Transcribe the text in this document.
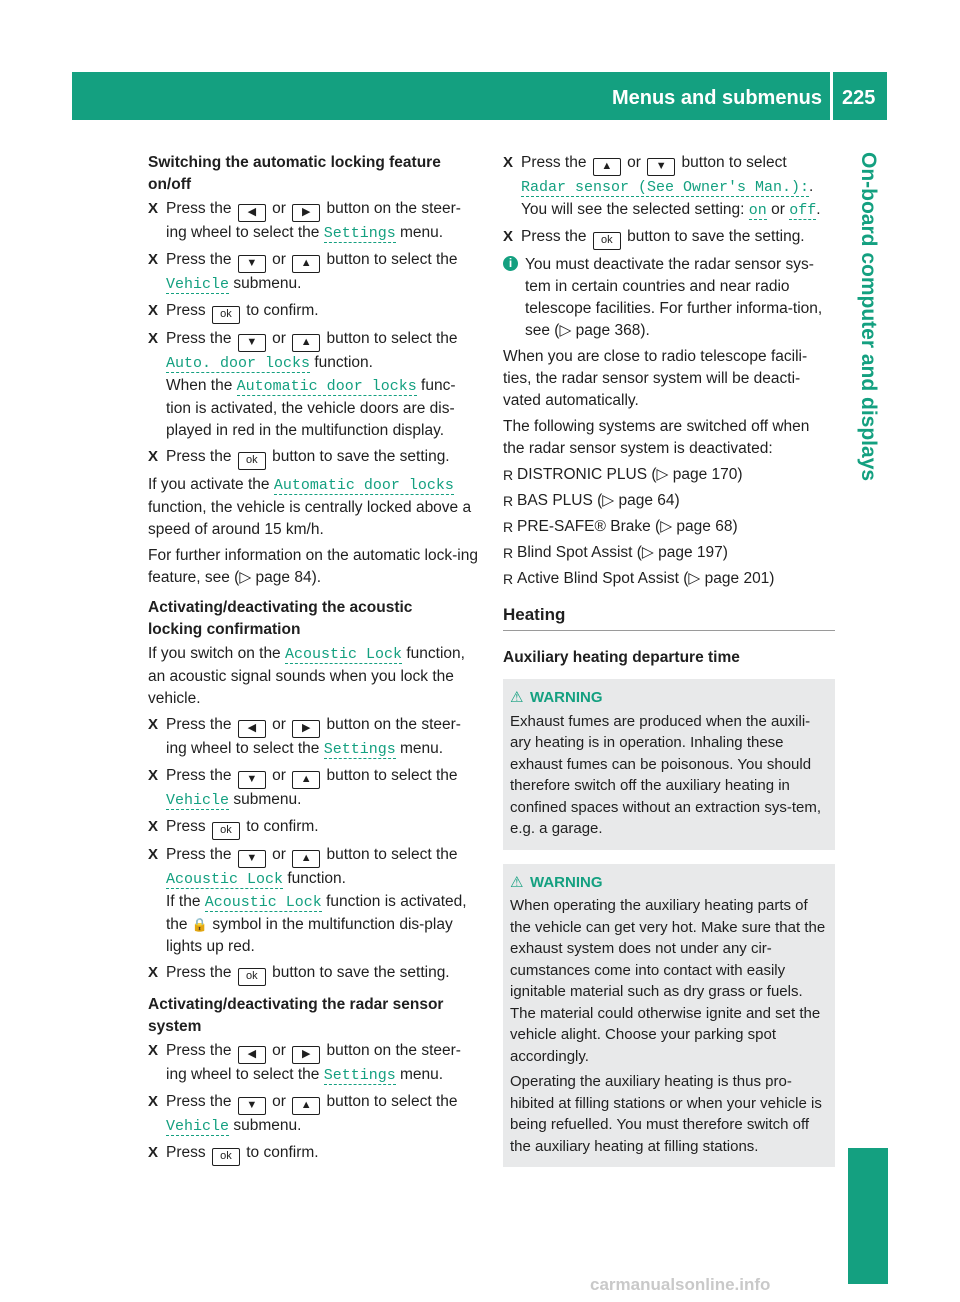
Menus and submenus 225
On-board computer and displays
Switching the automatic locking feature
on/off
X Press the ◀ or ▶ button on the steer-ing wheel to select the Settings menu.
X Press the ▼ or ▲ button to select the Vehicle submenu.
X Press ok to confirm.
X Press the ▼ or ▲ button to select the Auto. door locks function.
When the Automatic door locks func-tion is activated, the vehicle doors are dis-played in red in the multifunction display.
X Press the ok button to save the setting.
If you activate the Automatic door locks function, the vehicle is centrally locked above a speed of around 15 km/h.
For further information on the automatic lock-ing feature, see (▷ page 84).
Activating/deactivating the acoustic
locking confirmation
If you switch on the Acoustic Lock function, an acoustic signal sounds when you lock the vehicle.
X Press the ◀ or ▶ button on the steer-ing wheel to select the Settings menu.
X Press the ▼ or ▲ button to select the Vehicle submenu.
X Press ok to confirm.
X Press the ▼ or ▲ button to select the Acoustic Lock function.
If the Acoustic Lock function is activated, the 🔒 symbol in the multifunction dis-play lights up red.
X Press the ok button to save the setting.
Activating/deactivating the radar sensor
system
X Press the ◀ or ▶ button on the steer-ing wheel to select the Settings menu.
X Press the ▼ or ▲ button to select the Vehicle submenu.
X Press ok to confirm.
X Press the ▲ or ▼ button to select Radar sensor (See Owner's Man.):.
You will see the selected setting: on or off.
X Press the ok button to save the setting.
i You must deactivate the radar sensor sys-tem in certain countries and near radio telescope facilities. For further informa-tion, see (▷ page 368).
When you are close to radio telescope facili-ties, the radar sensor system will be deacti-vated automatically.
The following systems are switched off when the radar sensor system is deactivated:
R DISTRONIC PLUS (▷ page 170)
R BAS PLUS (▷ page 64)
R PRE-SAFE® Brake (▷ page 68)
R Blind Spot Assist (▷ page 197)
R Active Blind Spot Assist (▷ page 201)
Heating
Auxiliary heating departure time
⚠ WARNING
Exhaust fumes are produced when the auxili-ary heating is in operation. Inhaling these exhaust fumes can be poisonous. You should therefore switch off the auxiliary heating in confined spaces without an extraction sys-tem, e.g. a garage.
⚠ WARNING
When operating the auxiliary heating parts of the vehicle can get very hot. Make sure that the exhaust system does not under any cir-cumstances come into contact with easily ignitable material such as dry grass or fuels. The material could otherwise ignite and set the vehicle alight. Choose your parking spot accordingly.
Operating the auxiliary heating is thus pro-hibited at filling stations or when your vehicle is being refuelled. You must therefore switch off the auxiliary heating at filling stations.
carmanualsonline.info
